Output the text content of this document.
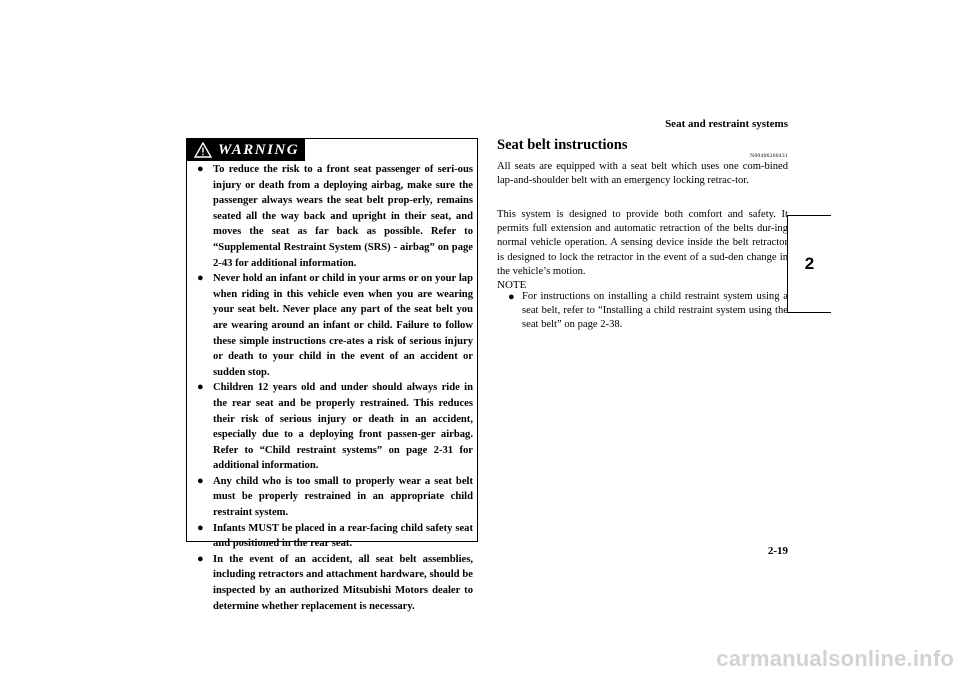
Seat and restraint systems
2
WARNING
● To reduce the risk to a front seat passenger of seri-ous injury or death from a deploying airbag, make sure the passenger always wears the seat belt prop-erly, remains seated all the way back and upright in their seat, and moves the seat as far back as possible. Refer to “Supplemental Restraint System (SRS) - airbag” on page 2-43 for additional information.
● Never hold an infant or child in your arms or on your lap when riding in this vehicle even when you are wearing your seat belt. Never place any part of the seat belt you are wearing around an infant or child. Failure to follow these simple instructions cre-ates a risk of serious injury or death to your child in the event of an accident or sudden stop.
● Children 12 years old and under should always ride in the rear seat and be properly restrained. This reduces their risk of serious injury or death in an accident, especially due to a deploying front passen-ger airbag. Refer to “Child restraint systems” on page 2-31 for additional information.
● Any child who is too small to properly wear a seat belt must be properly restrained in an appropriate child restraint system.
● Infants MUST be placed in a rear-facing child safety seat and positioned in the rear seat.
● In the event of an accident, all seat belt assemblies, including retractors and attachment hardware, should be inspected by an authorized Mitsubishi Motors dealer to determine whether replacement is necessary.
Seat belt instructions
N00406200431

All seats are equipped with a seat belt which uses one com-bined lap-and-shoulder belt with an emergency locking retrac-tor.

This system is designed to provide both comfort and safety. It permits full extension and automatic retraction of the belts dur-ing normal vehicle operation. A sensing device inside the belt retractor is designed to lock the retractor in the event of a sud-den change in the vehicle’s motion.

NOTE
● For instructions on installing a child restraint system using a seat belt, refer to “Installing a child restraint system using the seat belt” on page 2-38.
2-19
carmanualsonline.info
